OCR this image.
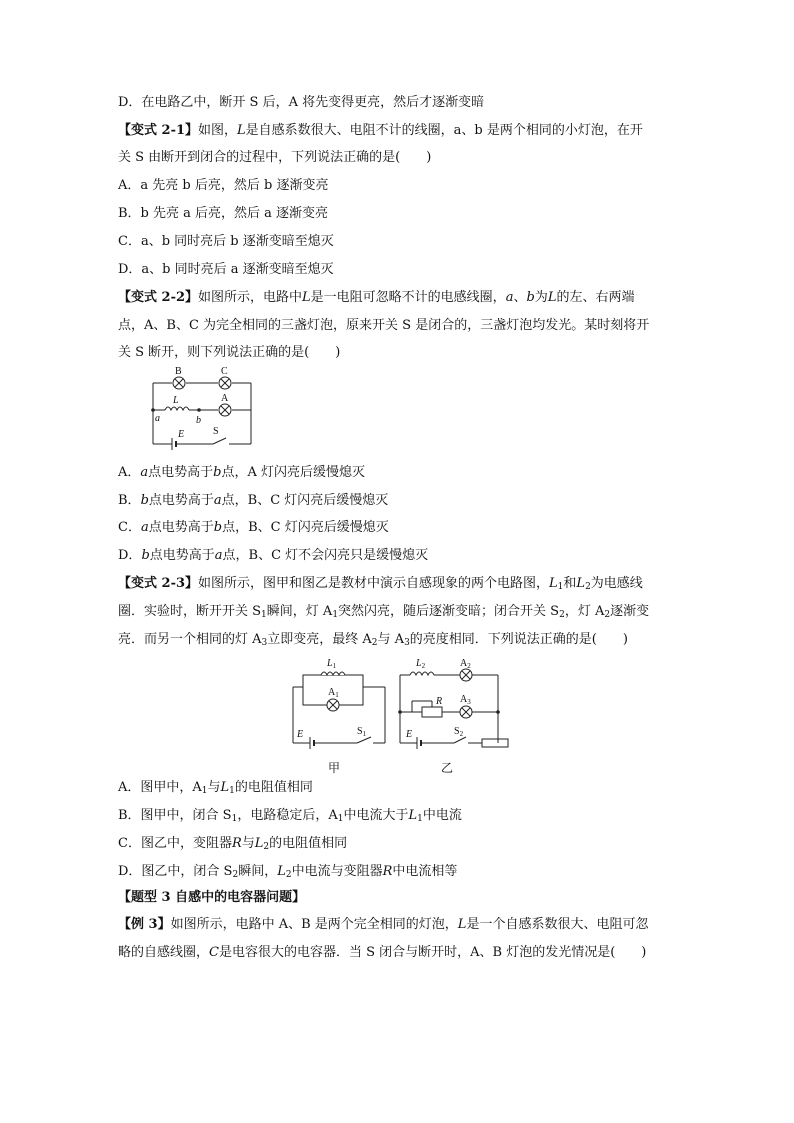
D．在电路乙中，断开 S 后，A 将先变得更亮，然后才逐渐变暗
【变式 2-1】如图，L是自感系数很大、电阻不计的线圈，a、b 是两个相同的小灯泡，在开
关 S 由断开到闭合的过程中，下列说法正确的是(　　)
A．a 先亮 b 后亮，然后 b 逐渐变亮
B．b 先亮 a 后亮，然后 a 逐渐变亮
C．a、b 同时亮后 b 逐渐变暗至熄灭
D．a、b 同时亮后 a 逐渐变暗至熄灭
【变式 2-2】如图所示，电路中L是一电阻可忽略不计的电感线圈，a、b为L的左、右两端
点，A、B、C 为完全相同的三盏灯泡，原来开关 S 是闭合的，三盏灯泡均发光。某时刻将开
关 S 断开，则下列说法正确的是(　　)
B	C
L	A
a	b
E	S
A．a点电势高于b点，A 灯闪亮后缓慢熄灭
B．b点电势高于a点，B、C 灯闪亮后缓慢熄灭
C．a点电势高于b点，B、C 灯闪亮后缓慢熄灭
D．b点电势高于a点，B、C 灯不会闪亮只是缓慢熄灭
【变式 2-3】如图所示，图甲和图乙是教材中演示自感现象的两个电路图，$L_1$和$L_2$为电感线
圈．实验时，断开开关 $S_1$瞬间，灯 $A_1$突然闪亮，随后逐渐变暗；闭合开关 $S_2$，灯 $A_2$逐渐变
亮．而另一个相同的灯 $A_3$立即变亮，最终 $A_2$与 $A_3$的亮度相同．下列说法正确的是(　　)
$L_1$
$A_1$
E	$S_1$
$L_2$	$A_2$
R $A_3$
E	$S_2$
甲	乙
A．图甲中，$A_1$与$L_1$的电阻值相同
B．图甲中，闭合 $S_1$，电路稳定后，$A_1$中电流大于$L_1$中电流
C．图乙中，变阻器R与$L_2$的电阻值相同
D．图乙中，闭合 $S_2$瞬间，$L_2$中电流与变阻器R中电流相等
【题型 3 自感中的电容器问题】
【例 3】如图所示，电路中 A、B 是两个完全相同的灯泡，L是一个自感系数很大、电阻可忽
略的自感线圈，C是电容很大的电容器．当 S 闭合与断开时，A、B 灯泡的发光情况是(　　)
